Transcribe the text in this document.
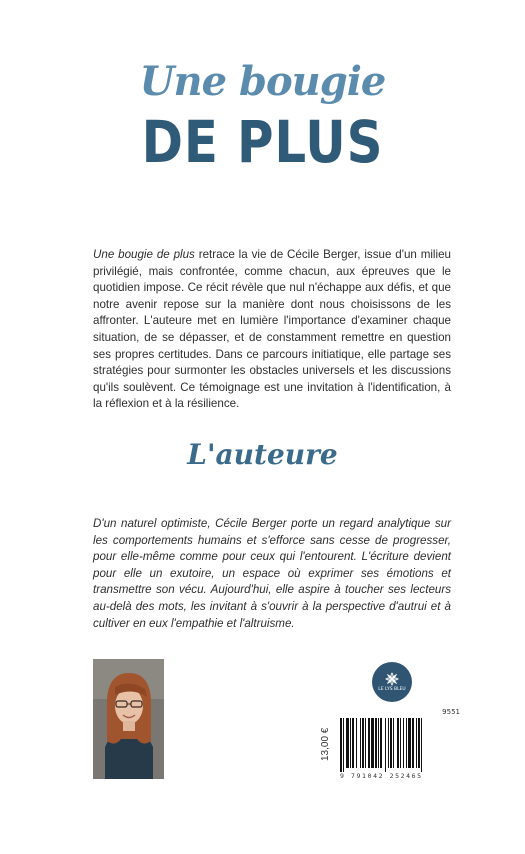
Une bougie
DE PLUS
Une bougie de plus retrace la vie de Cécile Berger, issue d'un milieu privilégié, mais confrontée, comme chacun, aux épreuves que le quotidien impose. Ce récit révèle que nul n'échappe aux défis, et que notre avenir repose sur la manière dont nous choisissons de les affronter. L'auteure met en lumière l'importance d'examiner chaque situation, de se dépasser, et de constamment remettre en question ses propres certitudes. Dans ce parcours initiatique, elle partage ses stratégies pour surmonter les obstacles universels et les discussions qu'ils soulèvent. Ce témoignage est une invitation à l'identification, à la réflexion et à la résilience.
L'auteure
D'un naturel optimiste, Cécile Berger porte un regard analytique sur les comportements humains et s'efforce sans cesse de progresser, pour elle-même comme pour ceux qui l'entourent. L'écriture devient pour elle un exutoire, un espace où exprimer ses émotions et transmettre son vécu. Aujourd'hui, elle aspire à toucher ses lecteurs au-delà des mots, les invitant à s'ouvrir à la perspective d'autrui et à cultiver en eux l'empathie et l'altruisme.
LE LYS BLEU
13,00 €
9551
9 791042 252465
